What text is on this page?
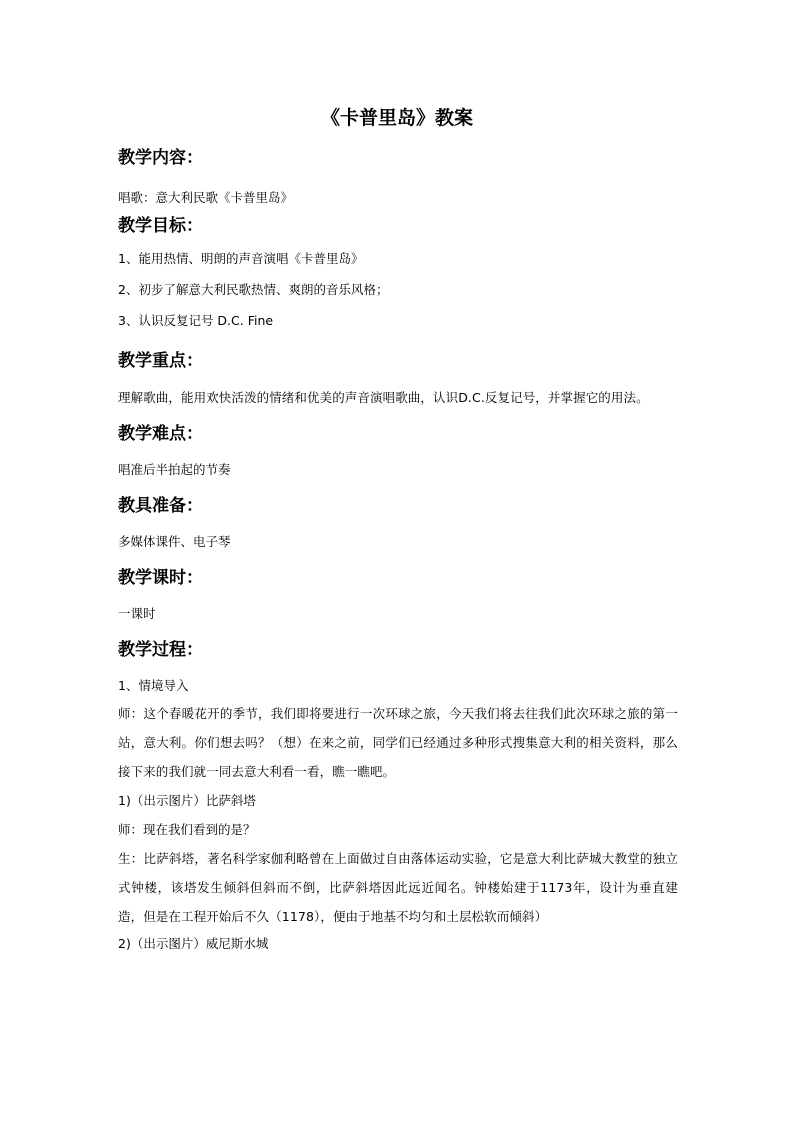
《卡普里岛》教案
教学内容：

唱歌：意大利民歌《卡普里岛》

教学目标：

1、能用热情、明朗的声音演唱《卡普里岛》

2、初步了解意大利民歌热情、爽朗的音乐风格；

3、认识反复记号 D.C. Fine

教学重点：

理解歌曲，能用欢快活泼的情绪和优美的声音演唱歌曲，认识D.C.反复记号，并掌握它的用法。

教学难点：

唱准后半拍起的节奏

教具准备：

多媒体课件、电子琴

教学课时：

一课时

教学过程：

1、情境导入

师：这个春暖花开的季节，我们即将要进行一次环球之旅，今天我们将去往我们此次环球之旅的第一站，意大利。你们想去吗？（想）在来之前，同学们已经通过多种形式搜集意大利的相关资料，那么接下来的我们就一同去意大利看一看，瞧一瞧吧。

1)（出示图片）比萨斜塔

师：现在我们看到的是？

生：比萨斜塔，著名科学家伽利略曾在上面做过自由落体运动实验，它是意大利比萨城大教堂的独立式钟楼，该塔发生倾斜但斜而不倒，比萨斜塔因此远近闻名。钟楼始建于1173年，设计为垂直建造，但是在工程开始后不久（1178），便由于地基不均匀和土层松软而倾斜）

2)（出示图片）威尼斯水城
